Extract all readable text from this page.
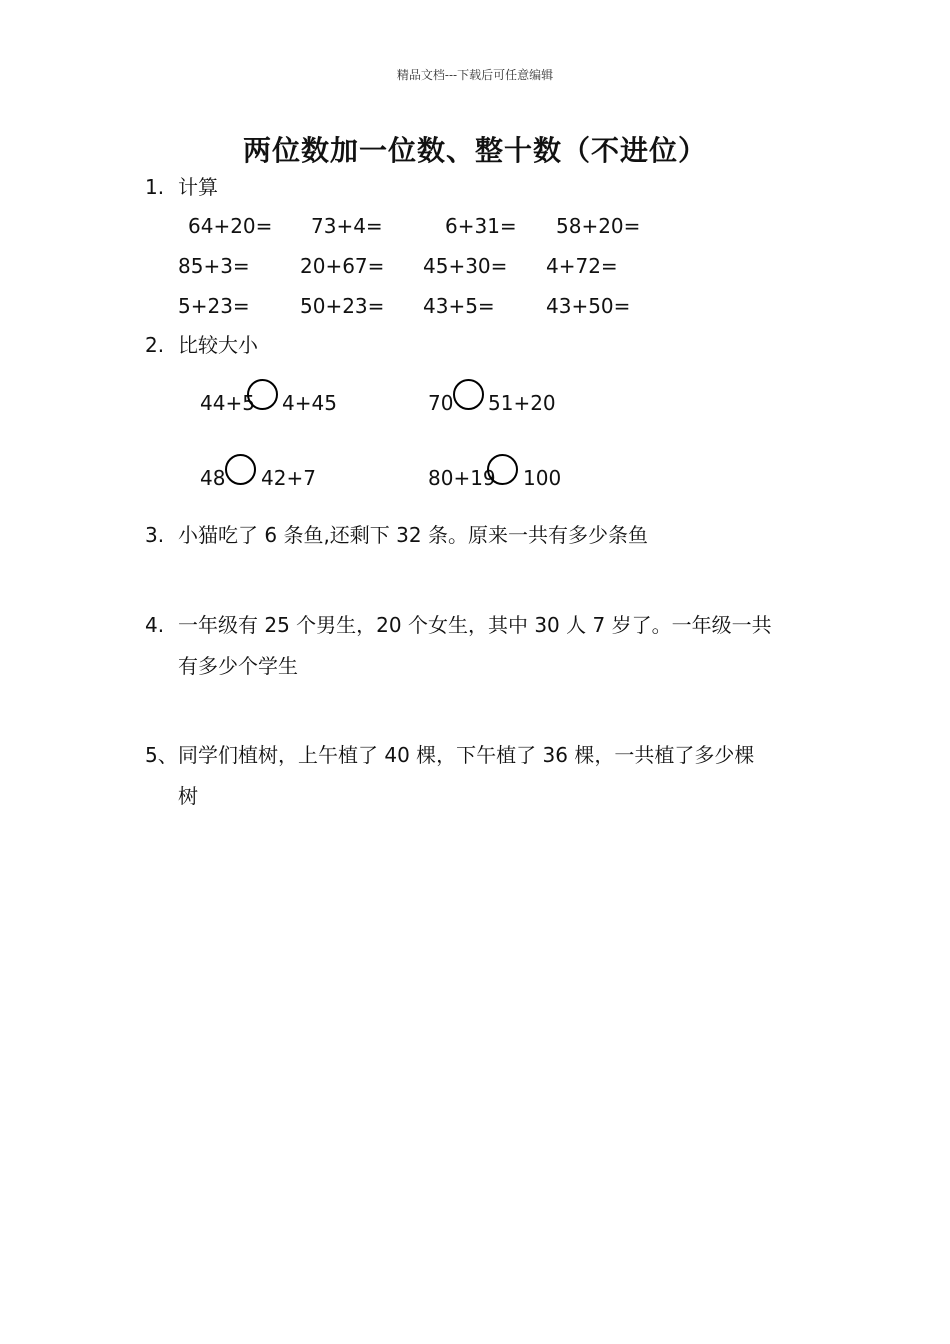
精品文档---下载后可任意编辑
两位数加一位数、整十数（不进位）
1. 计算
64+20= 73+4=	6+31= 58+20=
85+3=	20+67= 45+30= 4+72=
5+23=	50+23= 43+5=	43+50=
2. 比较大小
44+5 4+45	70 51+20
48 42+7	80+19 100
3. 小猫吃了 6 条鱼,还剩下 32 条。原来一共有多少条鱼
4. 一年级有 25 个男生，20 个女生，其中 30 人 7 岁了。一年级一共
有多少个学生
5、 同学们植树，上午植了 40 棵，下午植了 36 棵，一共植了多少棵
树
